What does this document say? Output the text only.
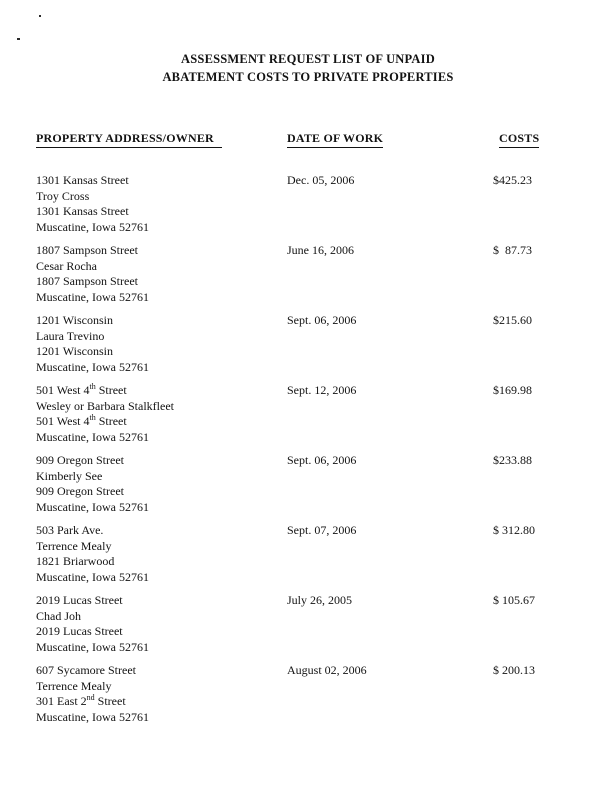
ASSESSMENT REQUEST LIST OF UNPAID
ABATEMENT COSTS TO PRIVATE PROPERTIES
PROPERTY ADDRESS/OWNER	DATE OF WORK	COSTS
1301 Kansas Street
Troy Cross
1301 Kansas Street
Muscatine, Iowa 52761
Dec. 05, 2006	$425.23
1807 Sampson Street
Cesar Rocha
1807 Sampson Street
Muscatine, Iowa 52761
June 16, 2006	$  87.73
1201 Wisconsin
Laura Trevino
1201 Wisconsin
Muscatine, Iowa 52761
Sept. 06, 2006	$215.60
501 West 4th Street
Wesley or Barbara Stalkfleet
501 West 4th Street
Muscatine, Iowa 52761
Sept. 12, 2006	$169.98
909 Oregon Street
Kimberly See
909 Oregon Street
Muscatine, Iowa 52761
Sept. 06, 2006	$233.88
503 Park Ave.
Terrence Mealy
1821 Briarwood
Muscatine, Iowa 52761
Sept. 07, 2006	$ 312.80
2019 Lucas Street
Chad Joh
2019 Lucas Street
Muscatine, Iowa 52761
July 26, 2005	$ 105.67
607 Sycamore Street
Terrence Mealy
301 East 2nd Street
Muscatine, Iowa 52761
August 02, 2006	$ 200.13
